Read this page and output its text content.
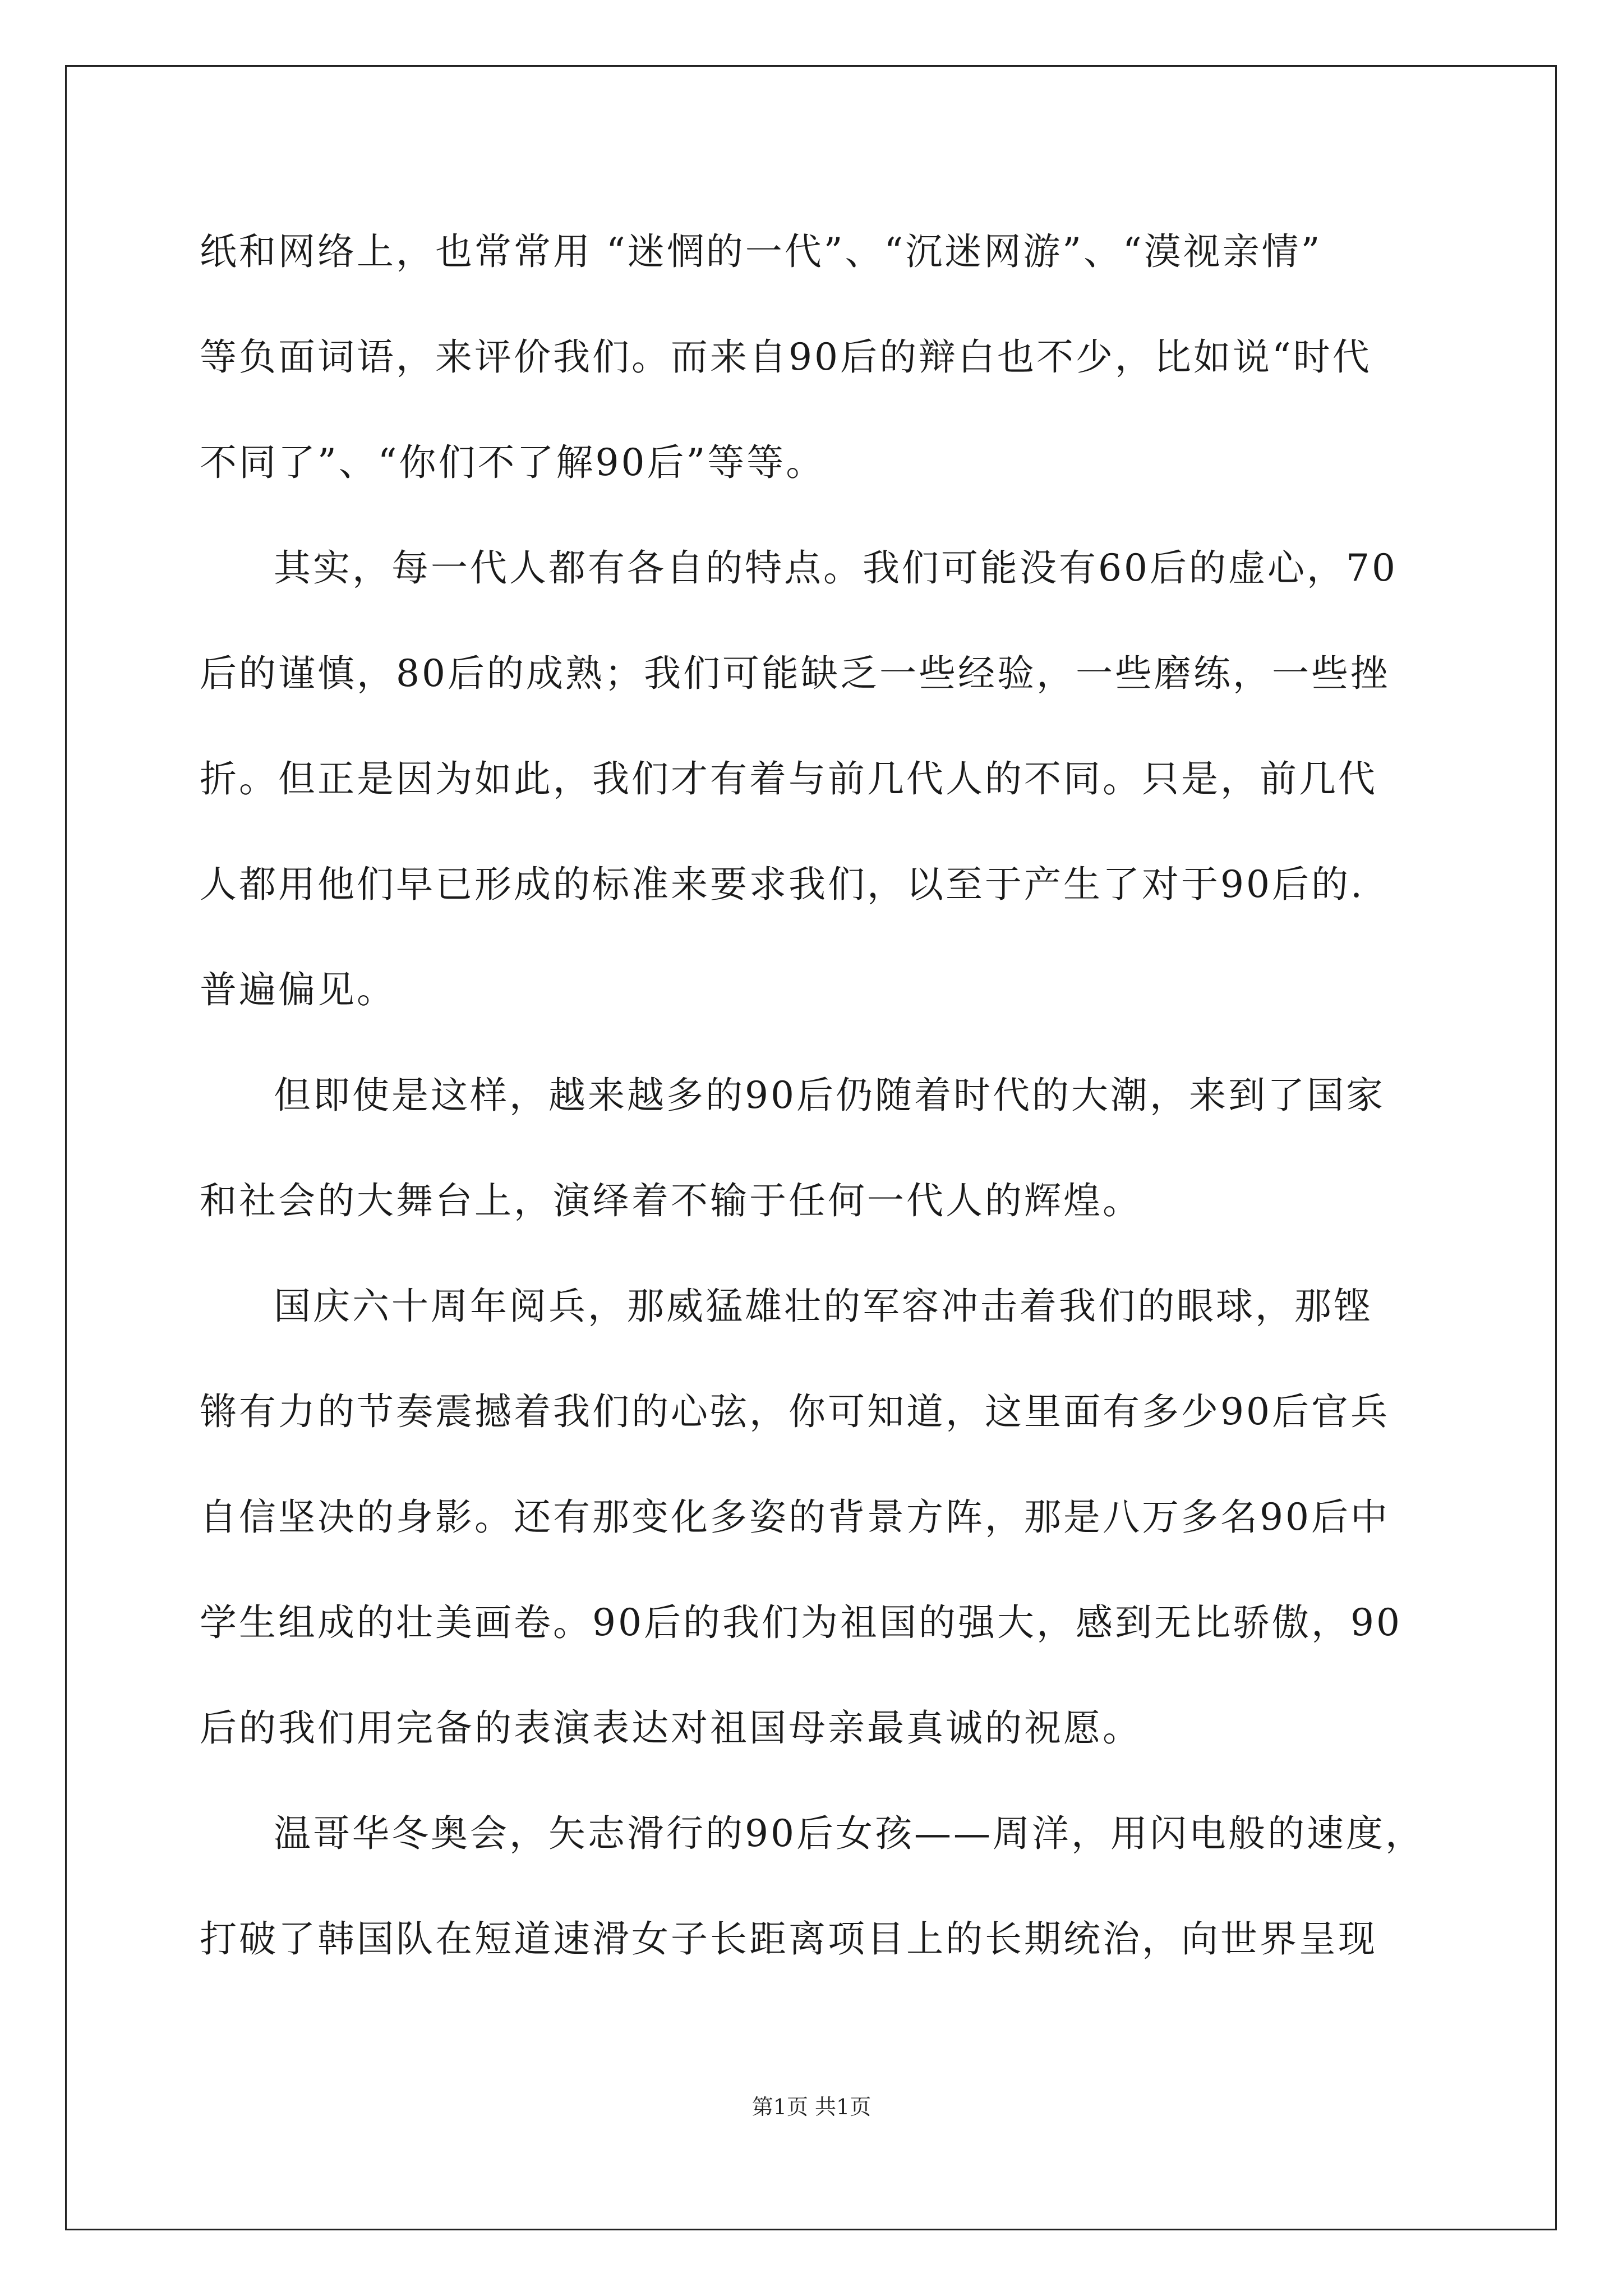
纸和网络上，也常常用 “迷惘的一代”、“沉迷网游”、“漠视亲情”
等负面词语，来评价我们。而来自90后的辩白也不少，比如说“时代
不同了”、“你们不了解90后”等等。
其实，每一代人都有各自的特点。我们可能没有60后的虚心，70
后的谨慎，80后的成熟；我们可能缺乏一些经验，一些磨练，一些挫
折。但正是因为如此，我们才有着与前几代人的不同。只是，前几代
人都用他们早已形成的标准来要求我们，以至于产生了对于90后的.
普遍偏见。
但即使是这样，越来越多的90后仍随着时代的大潮，来到了国家
和社会的大舞台上，演绎着不输于任何一代人的辉煌。
国庆六十周年阅兵，那威猛雄壮的军容冲击着我们的眼球，那铿
锵有力的节奏震撼着我们的心弦，你可知道，这里面有多少90后官兵
自信坚决的身影。还有那变化多姿的背景方阵，那是八万多名90后中
学生组成的壮美画卷。90后的我们为祖国的强大，感到无比骄傲，90
后的我们用完备的表演表达对祖国母亲最真诚的祝愿。
温哥华冬奥会，矢志滑行的90后女孩——周洋，用闪电般的速度，
打破了韩国队在短道速滑女子长距离项目上的长期统治，向世界呈现
第1页 共1页
